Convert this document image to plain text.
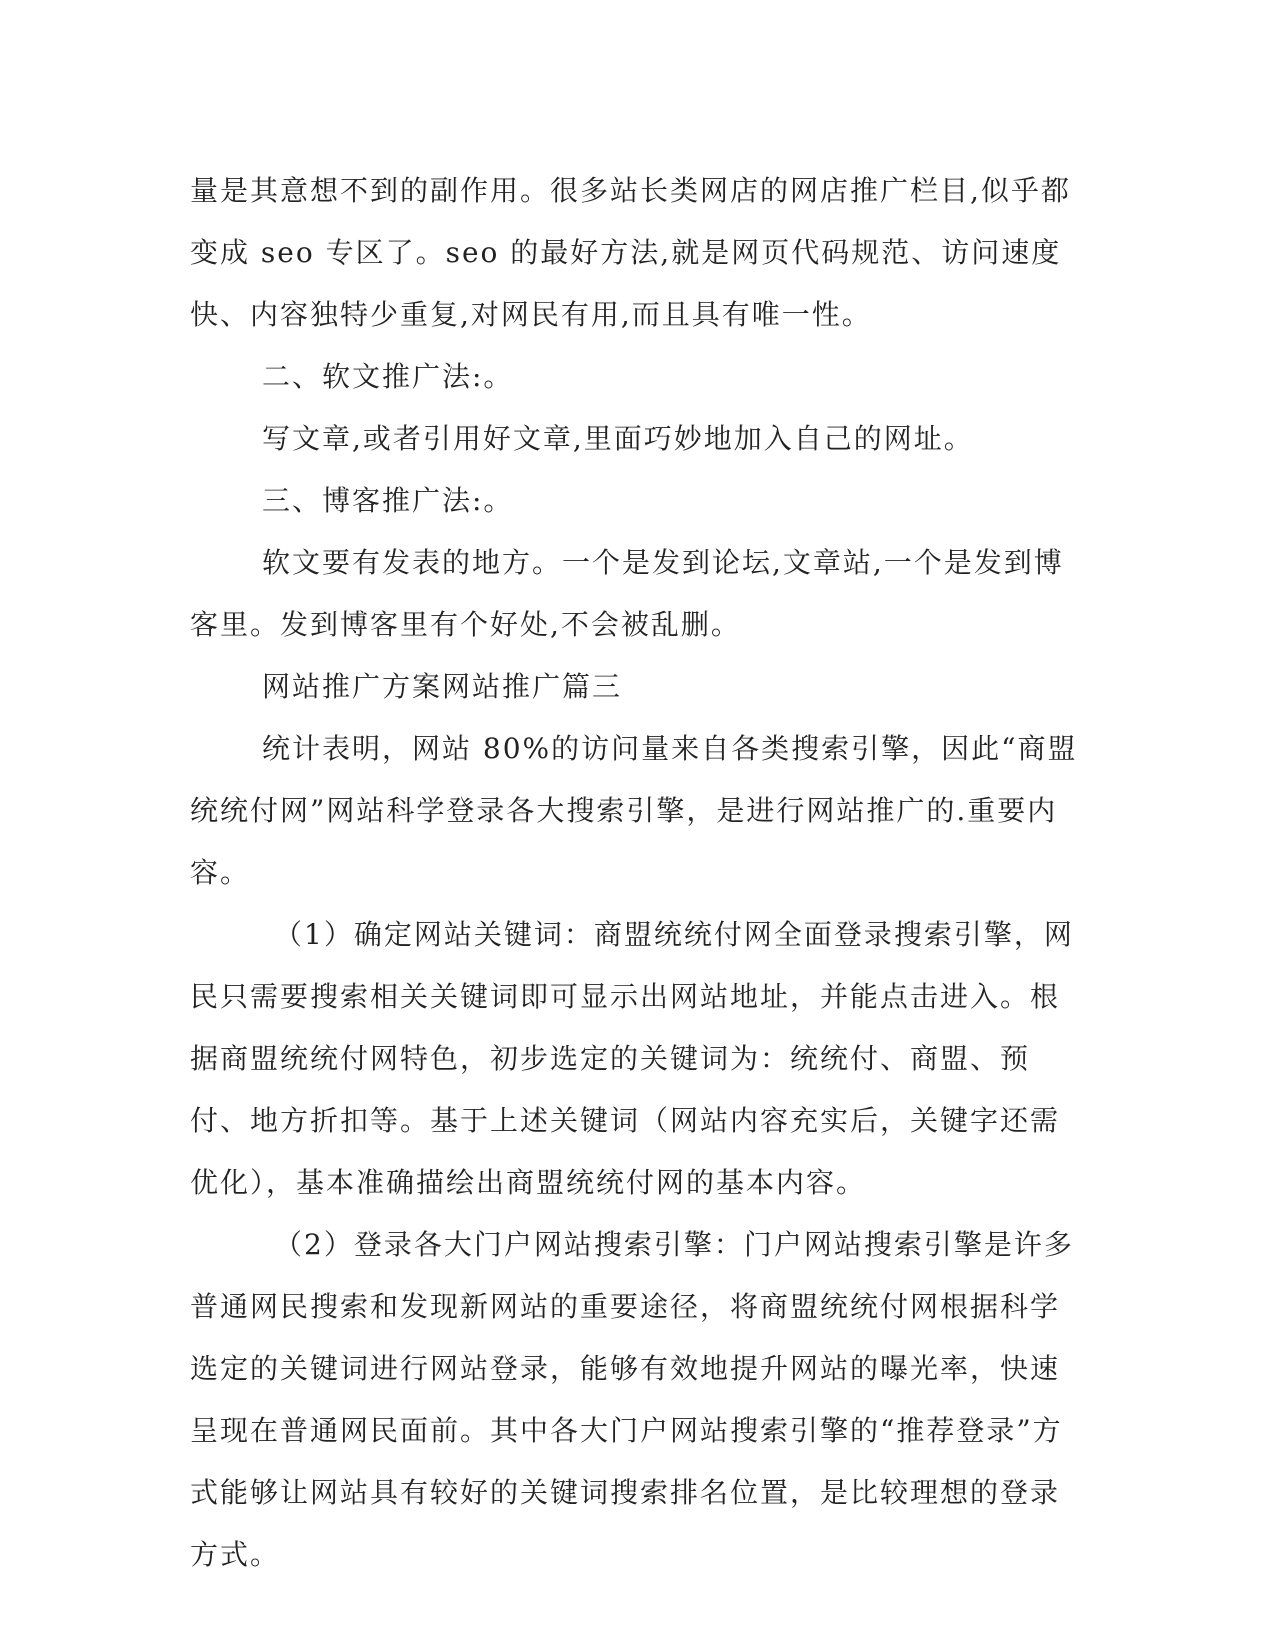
量是其意想不到的副作用。很多站长类网店的网店推广栏目,似乎都变成 seo 专区了。seo 的最好方法,就是网页代码规范、访问速度快、内容独特少重复,对网民有用,而且具有唯一性。

二、软文推广法:。

写文章,或者引用好文章,里面巧妙地加入自己的网址。

三、博客推广法:。

软文要有发表的地方。一个是发到论坛,文章站,一个是发到博客里。发到博客里有个好处,不会被乱删。

网站推广方案网站推广篇三

统计表明，网站 80%的访问量来自各类搜索引擎，因此“商盟统统付网”网站科学登录各大搜索引擎，是进行网站推广的.重要内容。

（1）确定网站关键词：商盟统统付网全面登录搜索引擎，网民只需要搜索相关关键词即可显示出网站地址，并能点击进入。根据商盟统统付网特色，初步选定的关键词为：统统付、商盟、预付、地方折扣等。基于上述关键词（网站内容充实后，关键字还需优化），基本准确描绘出商盟统统付网的基本内容。

（2）登录各大门户网站搜索引擎：门户网站搜索引擎是许多普通网民搜索和发现新网站的重要途径，将商盟统统付网根据科学选定的关键词进行网站登录，能够有效地提升网站的曝光率，快速呈现在普通网民面前。其中各大门户网站搜索引擎的“推荐登录”方式能够让网站具有较好的关键词搜索排名位置，是比较理想的登录方式。
